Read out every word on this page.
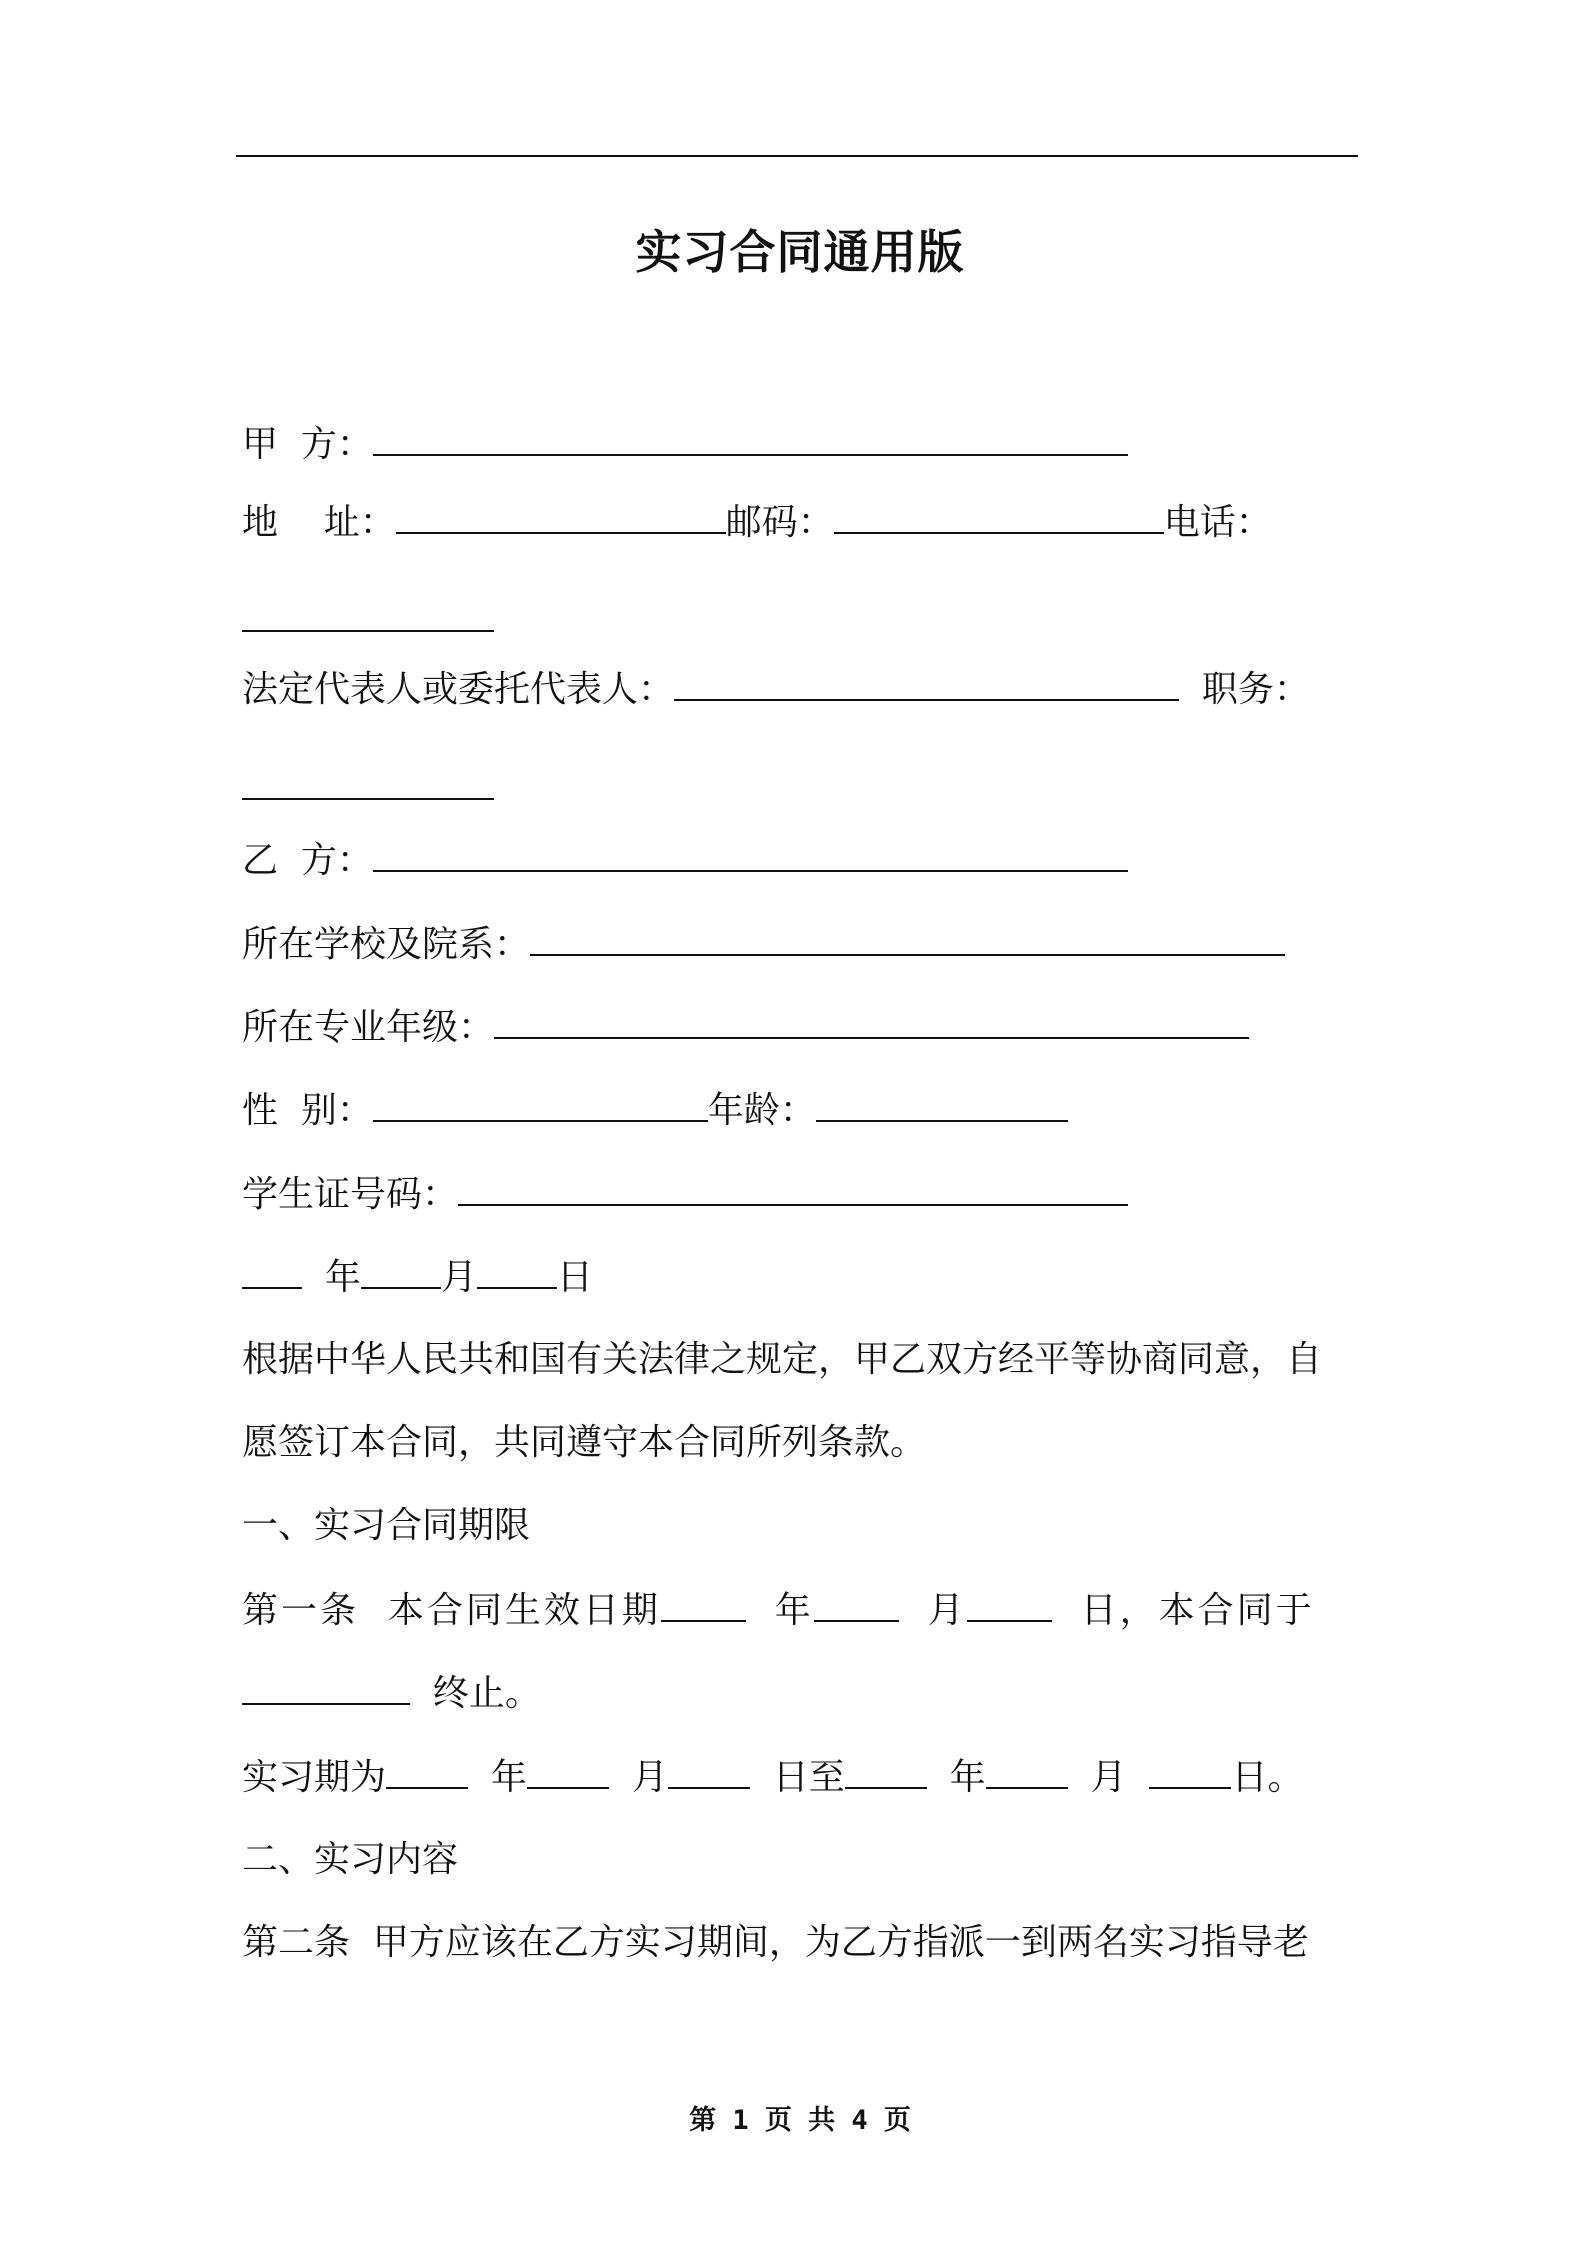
实习合同通用版
甲  方：
地    址：	邮码：	电话：
法定代表人或委托代表人：	职务：
乙  方：
所在学校及院系：
所在专业年级：
性  别：	年龄：
学生证号码：
年 月 日
根据中华人民共和国有关法律之规定，甲乙双方经平等协商同意，自
愿签订本合同，共同遵守本合同所列条款。
一、实习合同期限
第一条  本合同生效日期	年	月	日，本合同于
终止。
实习期为	年	月	日至	年	月	日。
二、实习内容
第二条  甲方应该在乙方实习期间，为乙方指派一到两名实习指导老
第 1 页 共 4 页
